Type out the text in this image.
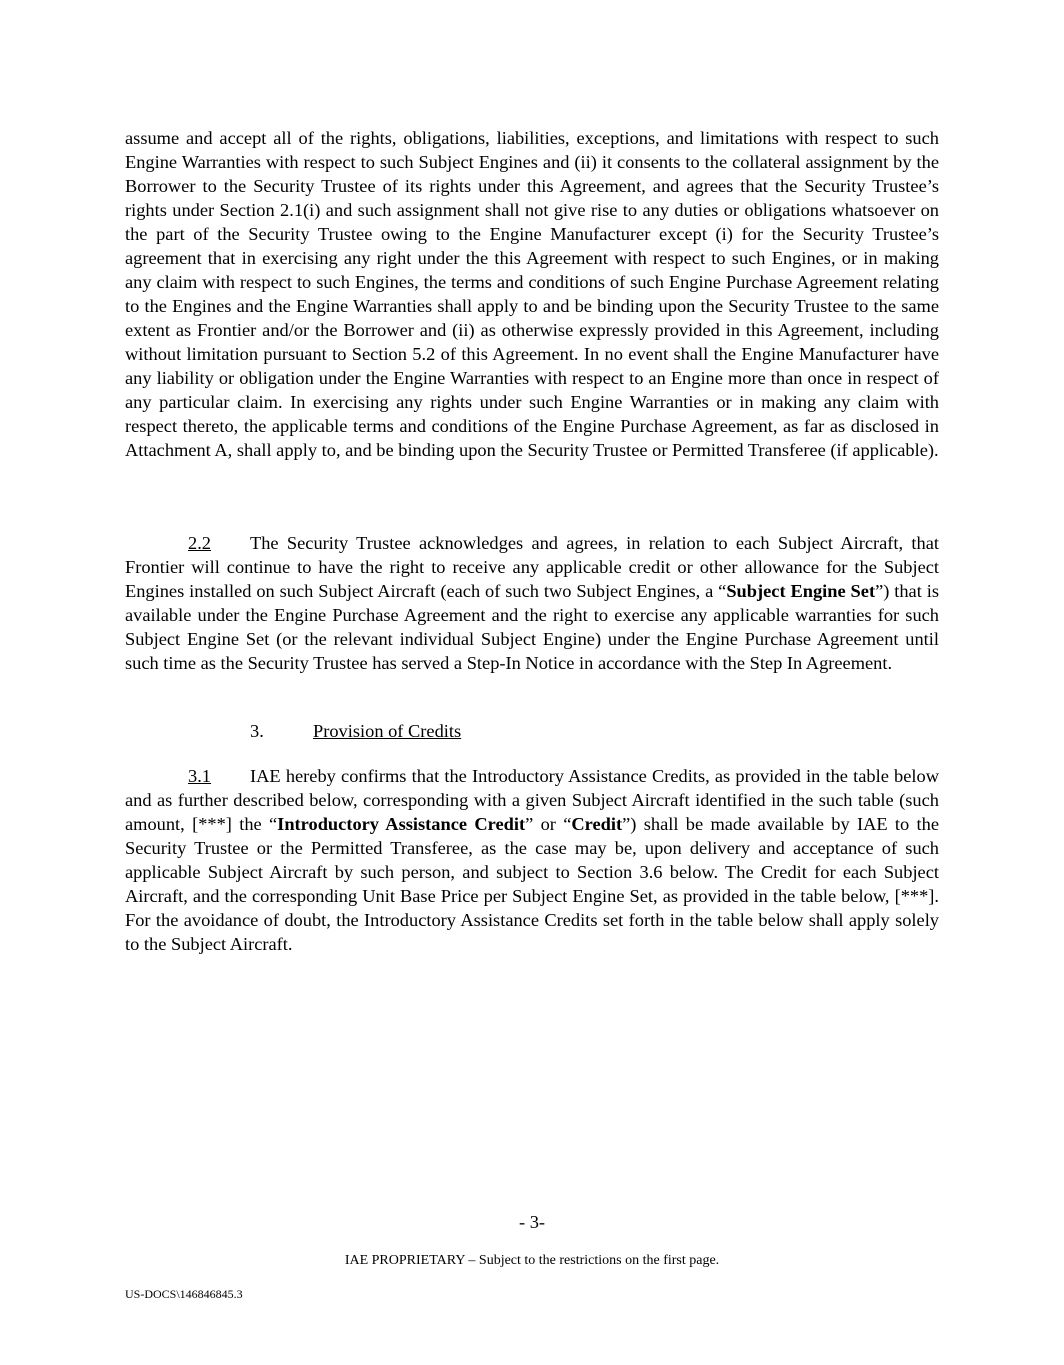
assume and accept all of the rights, obligations, liabilities, exceptions, and limitations with respect to such Engine Warranties with respect to such Subject Engines and (ii) it consents to the collateral assignment by the Borrower to the Security Trustee of its rights under this Agreement, and agrees that the Security Trustee’s rights under Section 2.1(i) and such assignment shall not give rise to any duties or obligations whatsoever on the part of the Security Trustee owing to the Engine Manufacturer except (i) for the Security Trustee’s agreement that in exercising any right under the this Agreement with respect to such Engines, or in making any claim with respect to such Engines, the terms and conditions of such Engine Purchase Agreement relating to the Engines and the Engine Warranties shall apply to and be binding upon the Security Trustee to the same extent as Frontier and/or the Borrower and (ii) as otherwise expressly provided in this Agreement, including without limitation pursuant to Section 5.2 of this Agreement. In no event shall the Engine Manufacturer have any liability or obligation under the Engine Warranties with respect to an Engine more than once in respect of any particular claim. In exercising any rights under such Engine Warranties or in making any claim with respect thereto, the applicable terms and conditions of the Engine Purchase Agreement, as far as disclosed in Attachment A, shall apply to, and be binding upon the Security Trustee or Permitted Transferee (if applicable).
2.2 The Security Trustee acknowledges and agrees, in relation to each Subject Aircraft, that Frontier will continue to have the right to receive any applicable credit or other allowance for the Subject Engines installed on such Subject Aircraft (each of such two Subject Engines, a “Subject Engine Set”) that is available under the Engine Purchase Agreement and the right to exercise any applicable warranties for such Subject Engine Set (or the relevant individual Subject Engine) under the Engine Purchase Agreement until such time as the Security Trustee has served a Step-In Notice in accordance with the Step In Agreement.
3.	Provision of Credits
3.1 IAE hereby confirms that the Introductory Assistance Credits, as provided in the table below and as further described below, corresponding with a given Subject Aircraft identified in the such table (such amount, [***] the “Introductory Assistance Credit” or “Credit”) shall be made available by IAE to the Security Trustee or the Permitted Transferee, as the case may be, upon delivery and acceptance of such applicable Subject Aircraft by such person, and subject to Section 3.6 below. The Credit for each Subject Aircraft, and the corresponding Unit Base Price per Subject Engine Set, as provided in the table below, [***]. For the avoidance of doubt, the Introductory Assistance Credits set forth in the table below shall apply solely to the Subject Aircraft.
- 3-
IAE PROPRIETARY – Subject to the restrictions on the first page.
US-DOCS\146846845.3
